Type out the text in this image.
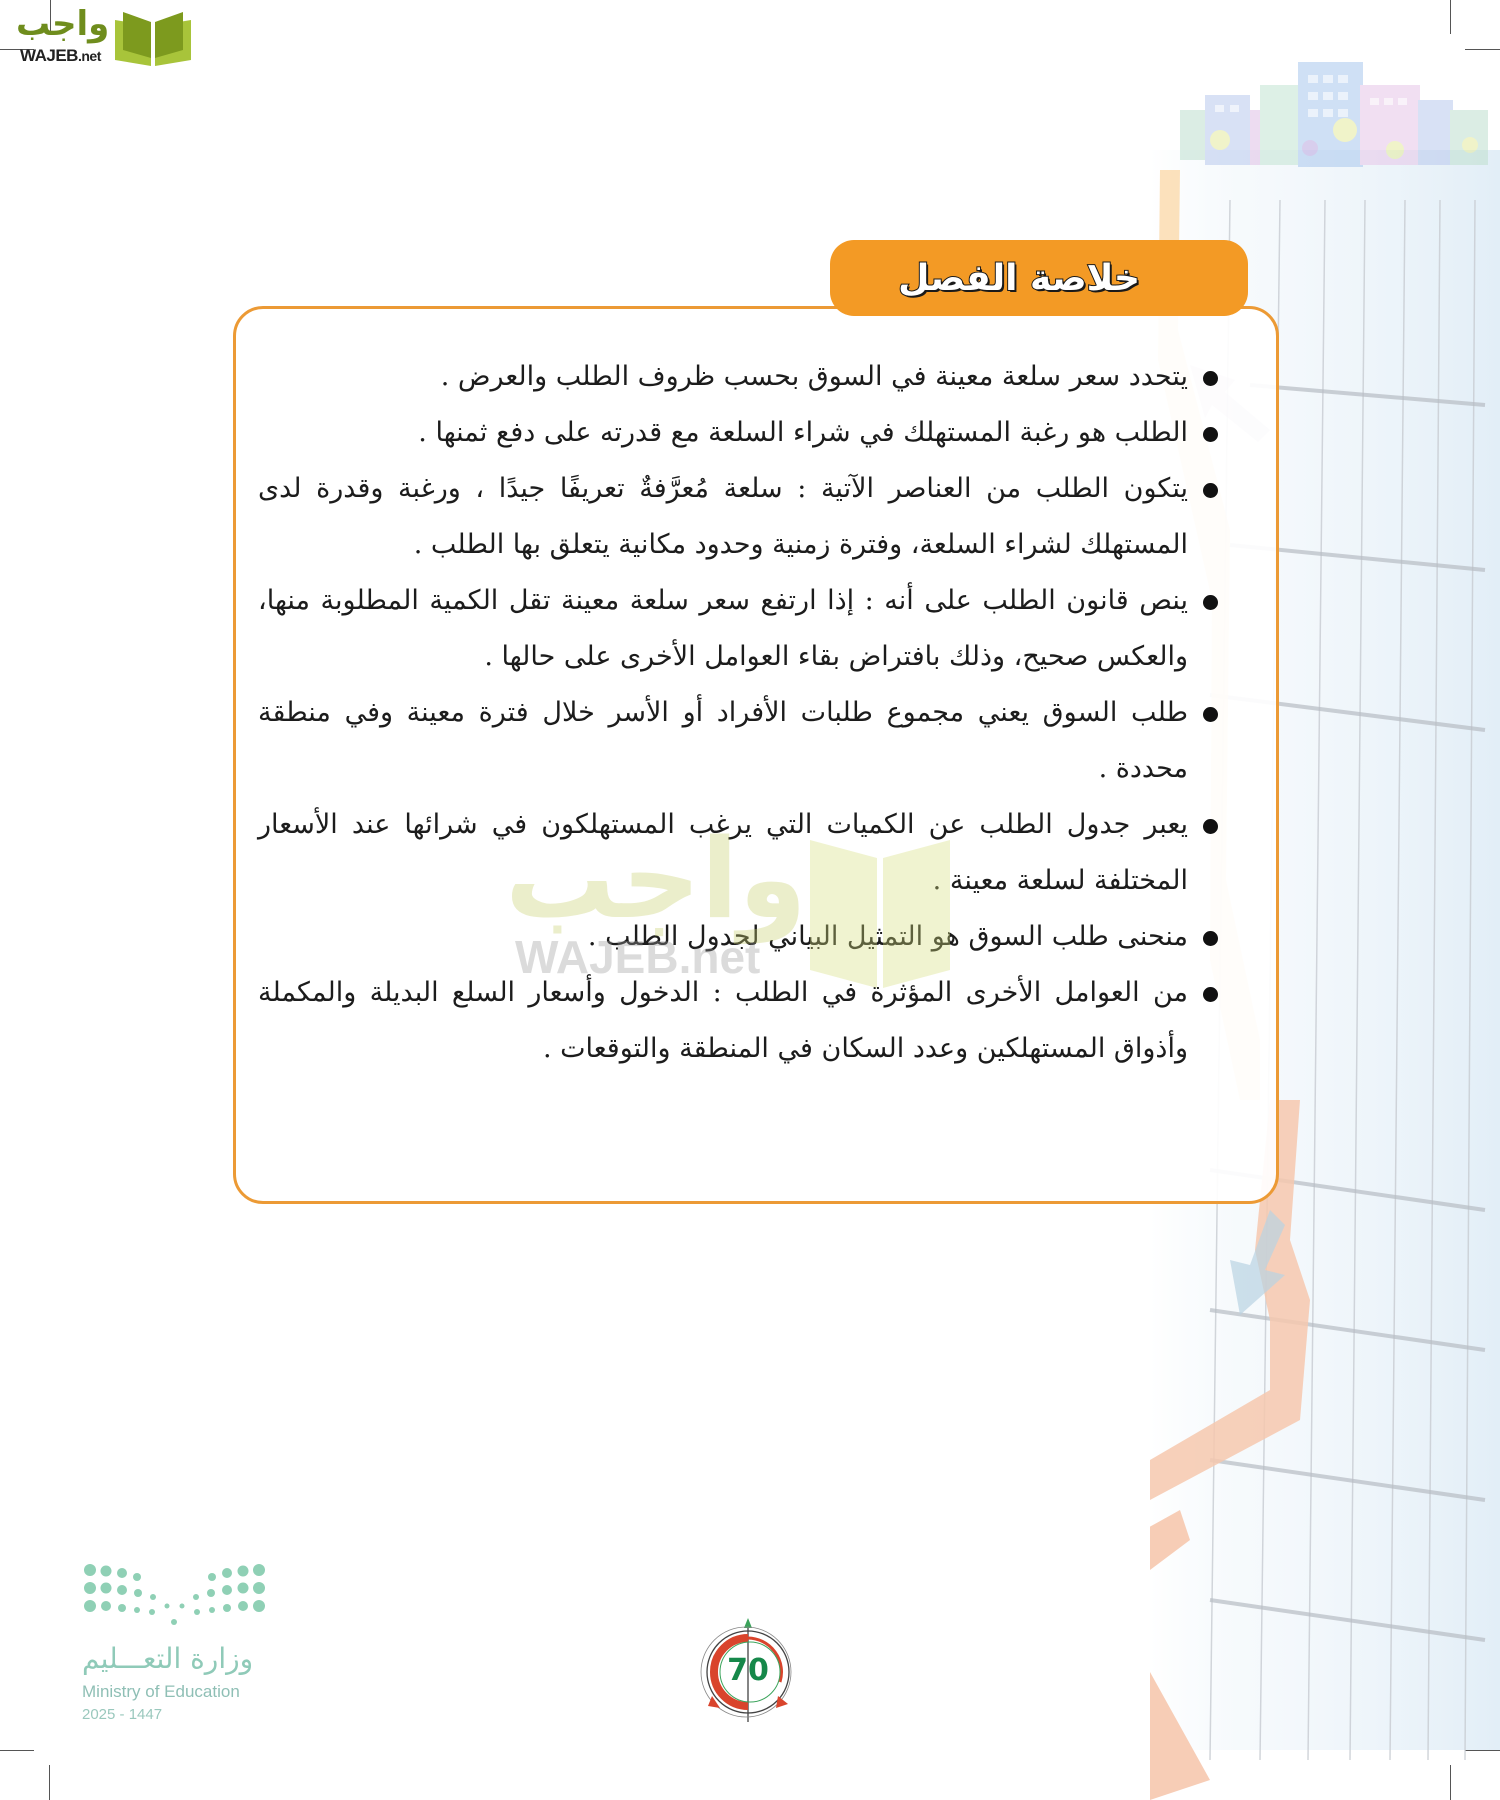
واجب
WAJEB.net
يتحدد سعر سلعة معينة في السوق بحسب ظروف الطلب والعرض .
الطلب هو رغبة المستهلك في شراء السلعة مع قدرته على دفع ثمنها .
يتكون الطلب من العناصر الآتية : سلعة مُعرَّفةٌ تعريفًا جيدًا ، ورغبة وقدرة لدى المستهلك لشراء السلعة، وفترة زمنية وحدود مكانية يتعلق بها الطلب .
ينص قانون الطلب على أنه : إذا ارتفع سعر سلعة معينة تقل الكمية المطلوبة منها، والعكس صحيح، وذلك بافتراض بقاء العوامل الأخرى على حالها .
طلب السوق يعني مجموع طلبات الأفراد أو الأسر خلال فترة معينة وفي منطقة محددة .
يعبر جدول الطلب عن الكميات التي يرغب المستهلكون في شرائها عند الأسعار المختلفة لسلعة معينة .
منحنى طلب السوق هو التمثيل البياني لجدول الطلب .
من العوامل الأخرى المؤثرة في الطلب : الدخول وأسعار السلع البديلة والمكملة وأذواق المستهلكين وعدد السكان في المنطقة والتوقعات .
خلاصة الفصل
واجب
WAJEB.net
وزارة التعـــليم
Ministry of Education
2025 - 1447
70
